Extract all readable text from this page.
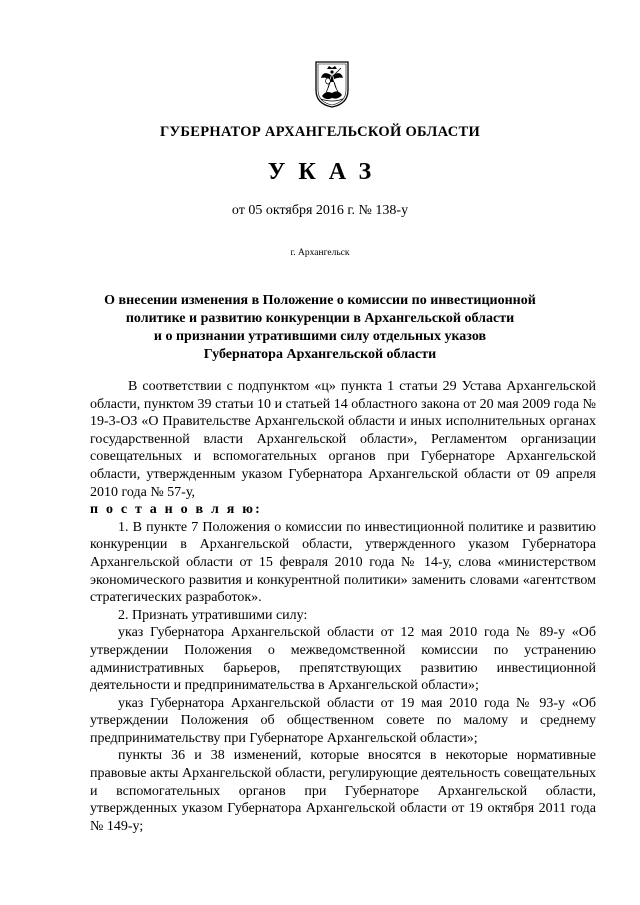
ГУБЕРНАТОР АРХАНГЕЛЬСКОЙ ОБЛАСТИ
УКАЗ
от 05 октября 2016 г. № 138-у
г. Архангельск
О внесении изменения в Положение о комиссии по инвестиционной
политике и развитию конкуренции в Архангельской области
и о признании утратившими силу отдельных указов
Губернатора Архангельской области

В соответствии с подпунктом «ц» пункта 1 статьи 29 Устава Архангельской области, пунктом 39 статьи 10 и статьей 14 областного закона от 20 мая 2009 года № 19-3-ОЗ «О Правительстве Архангельской области и иных исполнительных органах государственной власти Архангельской области», Регламентом организации совещательных и вспомогательных органов при Губернаторе Архангельской области, утвержденным указом Губернатора Архангельской области от 09 апреля 2010 года № 57-у,

п о с т а н о в л я ю:

1. В пункте 7 Положения о комиссии по инвестиционной политике и развитию конкуренции в Архангельской области, утвержденного указом Губернатора Архангельской области от 15 февраля 2010 года № 14-у, слова «министерством экономического развития и конкурентной политики» заменить словами «агентством стратегических разработок».

2. Признать утратившими силу:

указ Губернатора Архангельской области от 12 мая 2010 года № 89-у «Об утверждении Положения о межведомственной комиссии по устранению административных барьеров, препятствующих развитию инвестиционной деятельности и предпринимательства в Архангельской области»;

указ Губернатора Архангельской области от 19 мая 2010 года № 93-у «Об утверждении Положения об общественном совете по малому и среднему предпринимательству при Губернаторе Архангельской области»;

пункты 36 и 38 изменений, которые вносятся в некоторые нормативные правовые акты Архангельской области, регулирующие деятельность совещательных и вспомогательных органов при Губернаторе Архангельской области, утвержденных указом Губернатора Архангельской области от 19 октября 2011 года № 149-у;
